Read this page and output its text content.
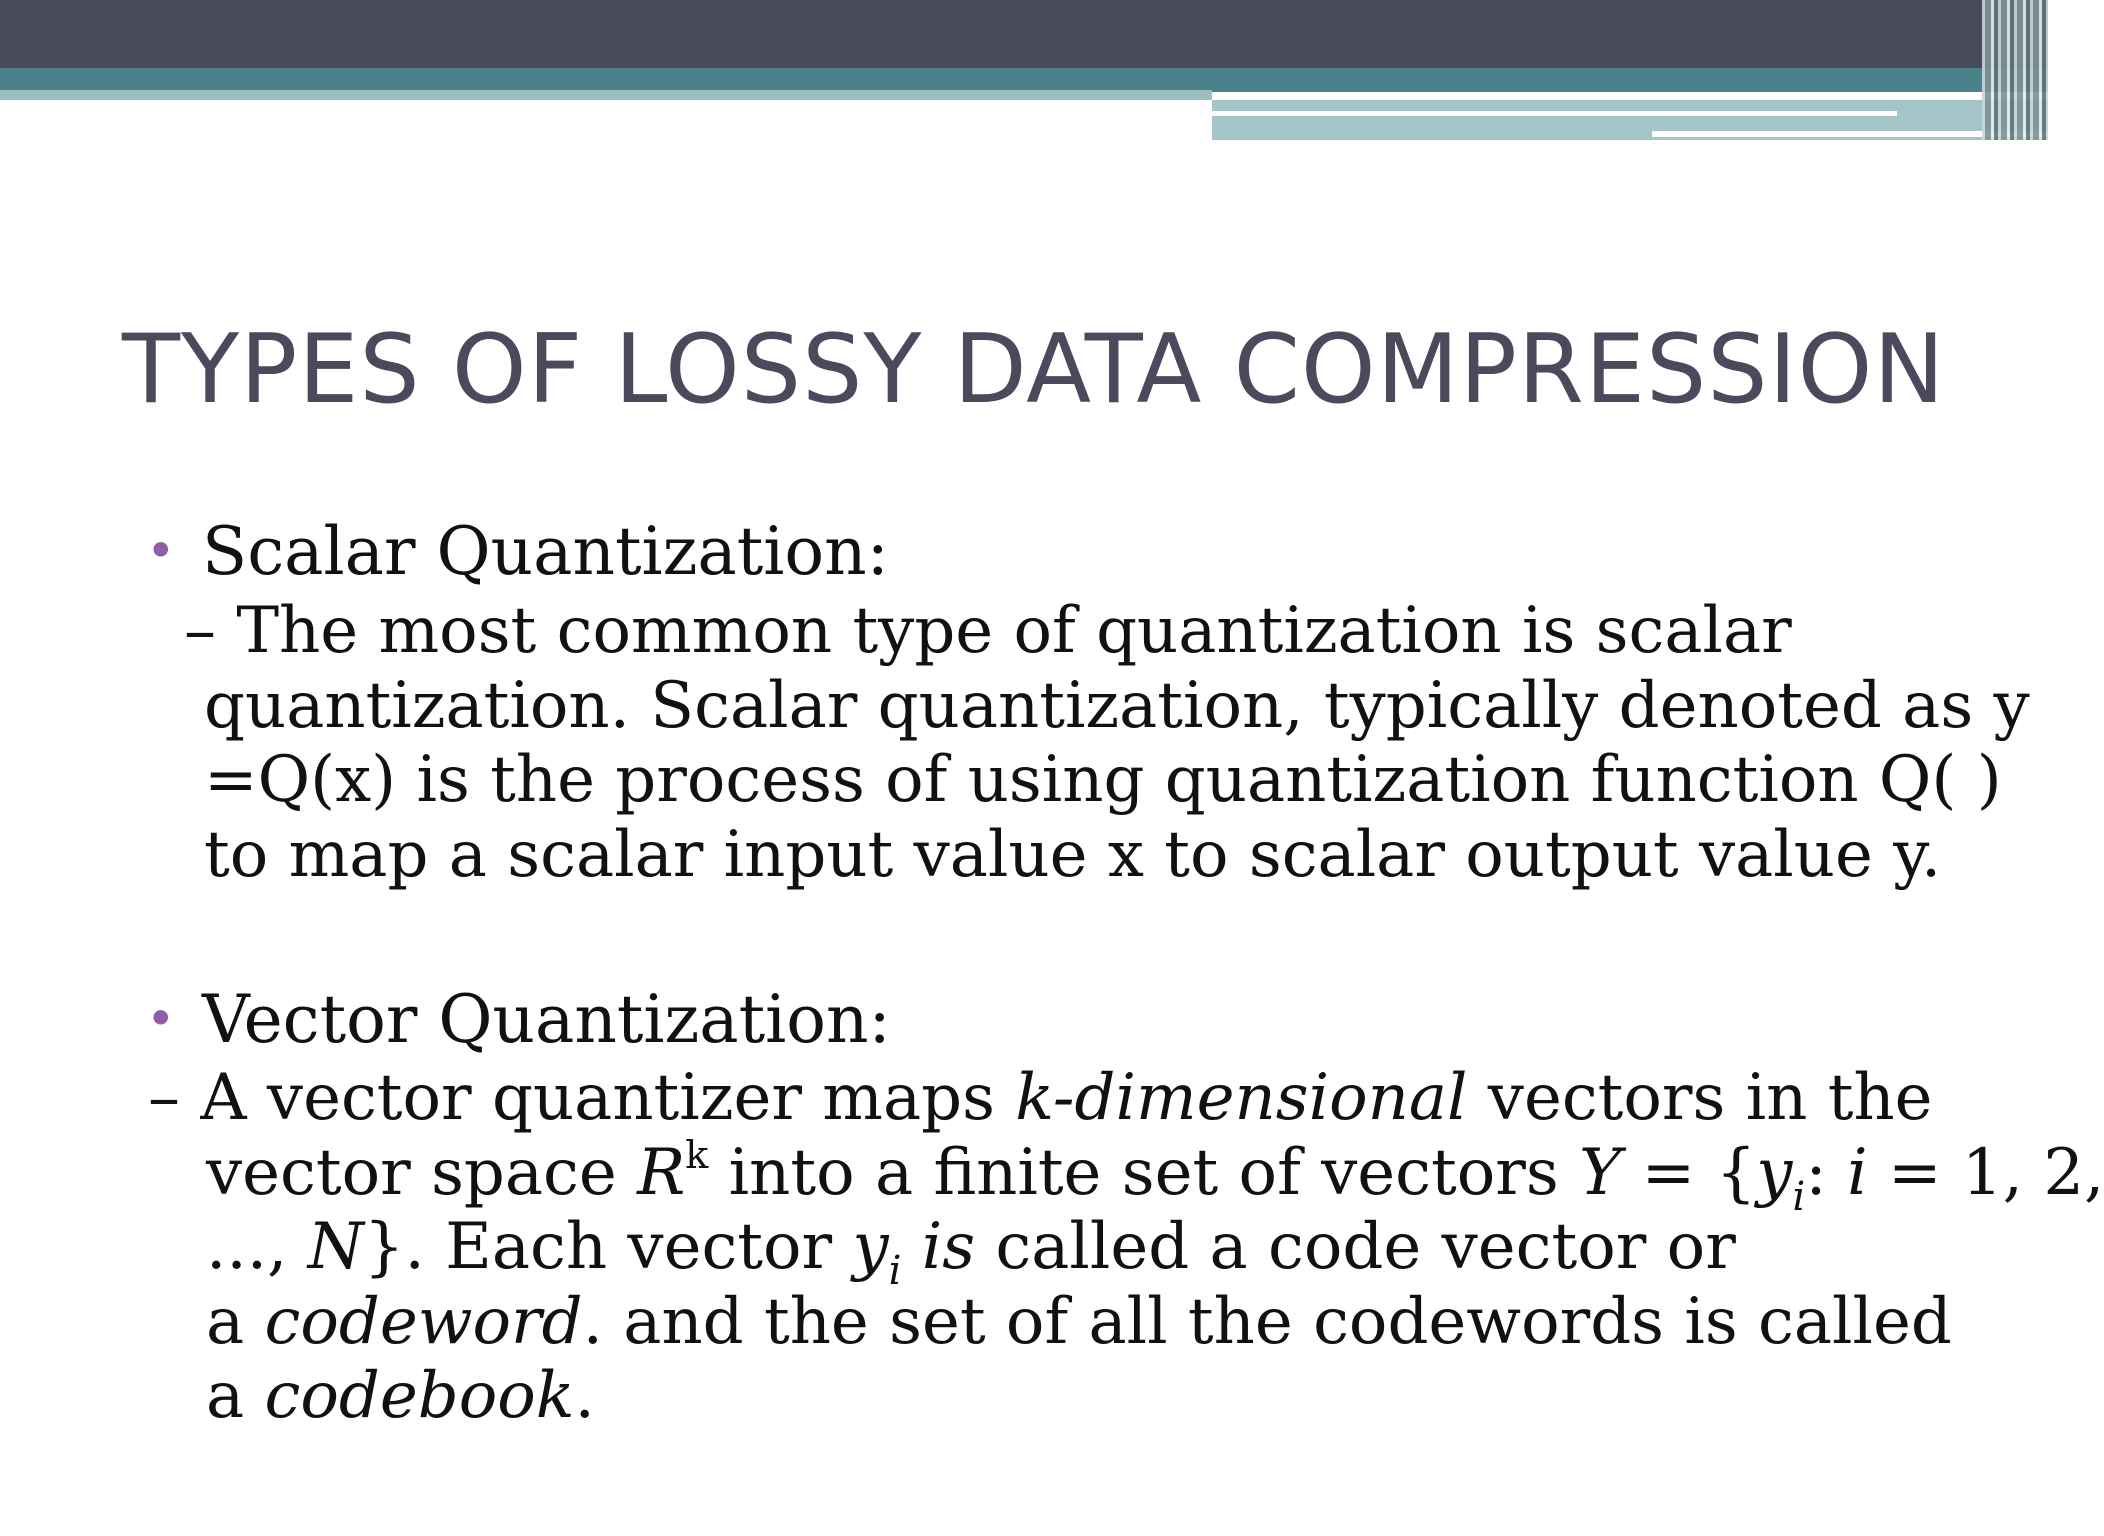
TYPES OF LOSSY DATA COMPRESSION
• Scalar Quantization:
– The most common type of quantization is scalar
quantization. Scalar quantization, typically denoted as y
=Q(x) is the process of using quantization function Q( )
to map a scalar input value x to scalar output value y.
• Vector Quantization:
– A vector quantizer maps k-dimensional vectors in the
vector space $R^k$ into a finite set of vectors $Y = \{y_i$: i = 1, 2,
..., N}. Each vector $y_i$ is called a code vector or
a codeword. and the set of all the codewords is called
a codebook.
